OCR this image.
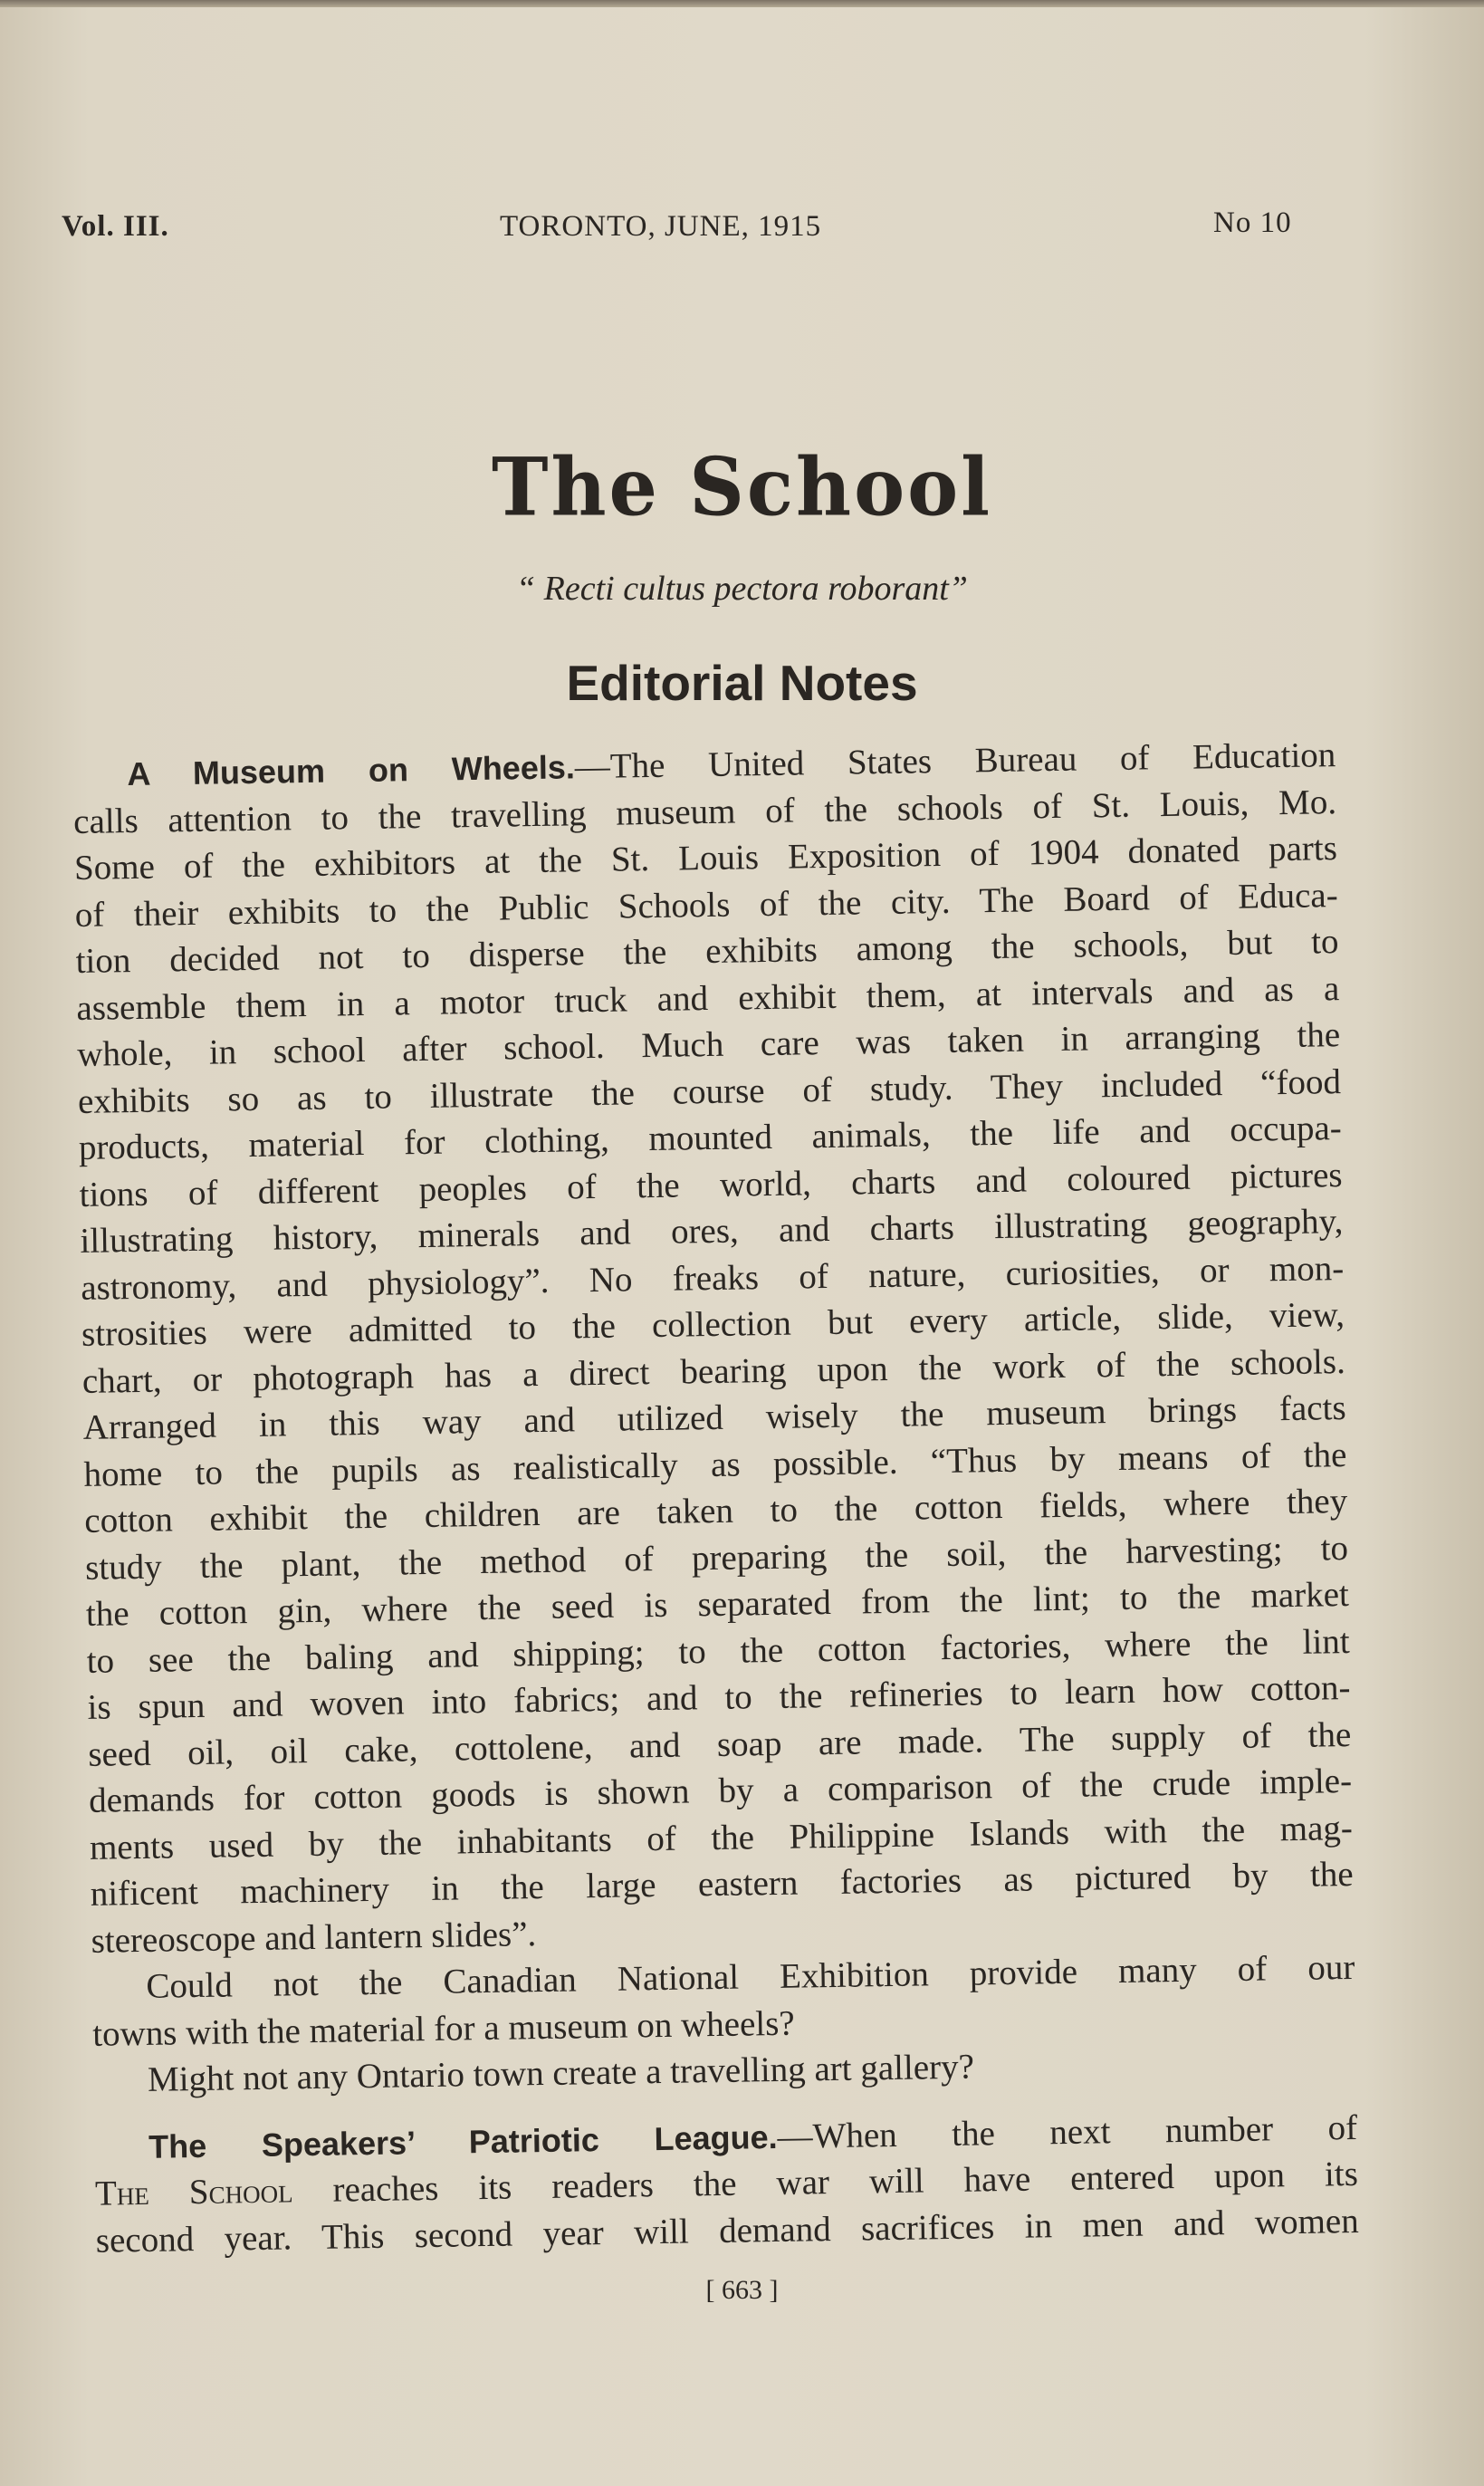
Vol. III.	TORONTO, JUNE, 1915	No 10
The School
“ Recti cultus pectora roborant”
Editorial Notes
A Museum on Wheels.—The United States Bureau of Education
calls attention to the travelling museum of the schools of St. Louis, Mo.
Some of the exhibitors at the St. Louis Exposition of 1904 donated parts
of their exhibits to the Public Schools of the city. The Board of Educa-
tion decided not to disperse the exhibits among the schools, but to
assemble them in a motor truck and exhibit them, at intervals and as a
whole, in school after school. Much care was taken in arranging the
exhibits so as to illustrate the course of study. They included “food
products, material for clothing, mounted animals, the life and occupa-
tions of different peoples of the world, charts and coloured pictures
illustrating history, minerals and ores, and charts illustrating geography,
astronomy, and physiology”. No freaks of nature, curiosities, or mon-
strosities were admitted to the collection but every article, slide, view,
chart, or photograph has a direct bearing upon the work of the schools.
Arranged in this way and utilized wisely the museum brings facts
home to the pupils as realistically as possible. “Thus by means of the
cotton exhibit the children are taken to the cotton fields, where they
study the plant, the method of preparing the soil, the harvesting; to
the cotton gin, where the seed is separated from the lint; to the market
to see the baling and shipping; to the cotton factories, where the lint
is spun and woven into fabrics; and to the refineries to learn how cotton-
seed oil, oil cake, cottolene, and soap are made. The supply of the
demands for cotton goods is shown by a comparison of the crude imple-
ments used by the inhabitants of the Philippine Islands with the mag-
nificent machinery in the large eastern factories as pictured by the
stereoscope and lantern slides”.
Could not the Canadian National Exhibition provide many of our
towns with the material for a museum on wheels?
Might not any Ontario town create a travelling art gallery?
The Speakers’ Patriotic League.—When the next number of
The School reaches its readers the war will have entered upon its
second year. This second year will demand sacrifices in men and women
[ 663 ]
